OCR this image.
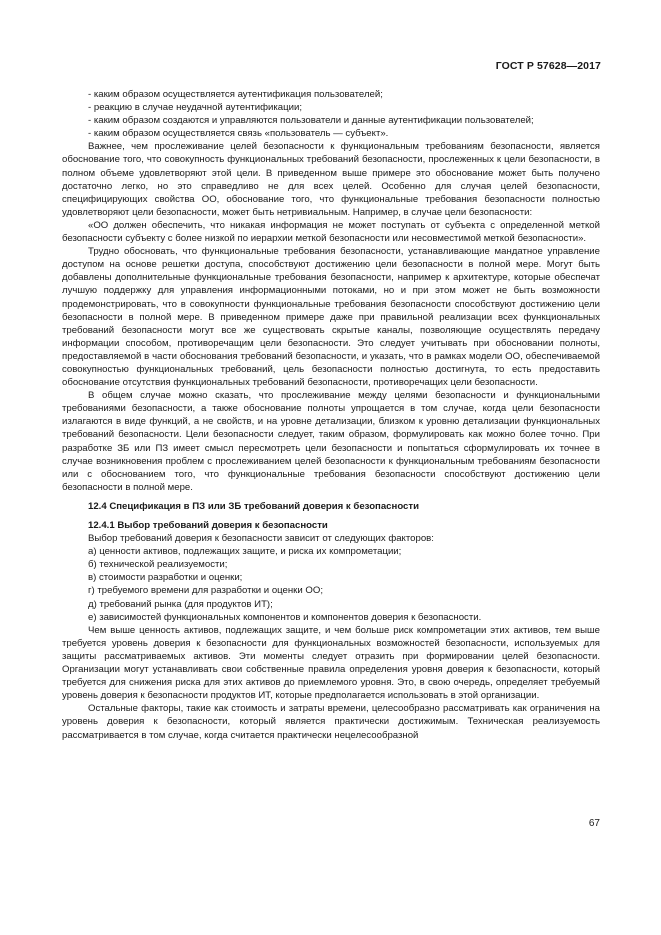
ГОСТ Р 57628—2017

- каким образом осуществляется аутентификация пользователей;

- реакцию в случае неудачной аутентификации;

- каким образом создаются и управляются пользователи и данные аутентификации пользователей;

- каким образом осуществляется связь «пользователь — субъект».

Важнее, чем прослеживание целей безопасности к функциональным требованиям безопасности, является обоснование того, что совокупность функциональных требований безопасности, прослеженных к цели безопасности, в полном объеме удовлетворяют этой цели. В приведенном выше примере это обоснование может быть получено достаточно легко, но это справедливо не для всех целей. Особенно для случая целей безопасности, специфицирующих свойства ОО, обоснование того, что функциональные требования безопасности полностью удовлетворяют цели безопасности, может быть нетривиальным. Например, в случае цели безопасности:

«ОО должен обеспечить, что никакая информация не может поступать от субъекта с определенной меткой безопасности субъекту с более низкой по иерархии меткой безопасности или несовместимой меткой безопасности».

Трудно обосновать, что функциональные требования безопасности, устанавливающие мандатное управление доступом на основе решетки доступа, способствуют достижению цели безопасности в полной мере. Могут быть добавлены дополнительные функциональные требования безопасности, например к архитектуре, которые обеспечат лучшую поддержку для управления информационными потоками, но и при этом может не быть возможности продемонстрировать, что в совокупности функциональные требования безопасности способствуют достижению цели безопасности в полной мере. В приведенном примере даже при правильной реализации всех функциональных требований безопасности могут все же существовать скрытые каналы, позволяющие осуществлять передачу информации способом, противоречащим цели безопасности. Это следует учитывать при обосновании полноты, предоставляемой в части обоснования требований безопасности, и указать, что в рамках модели ОО, обеспечиваемой совокупностью функциональных требований, цель безопасности полностью достигнута, то есть предоставить обоснование отсутствия функциональных требований безопасности, противоречащих цели безопасности.

В общем случае можно сказать, что прослеживание между целями безопасности и функциональными требованиями безопасности, а также обоснование полноты упрощается в том случае, когда цели безопасности излагаются в виде функций, а не свойств, и на уровне детализации, близком к уровню детализации функциональных требований безопасности. Цели безопасности следует, таким образом, формулировать как можно более точно. При разработке ЗБ или ПЗ имеет смысл пересмотреть цели безопасности и попытаться сформулировать их точнее в случае возникновения проблем с прослеживанием целей безопасности к функциональным требованиям безопасности или с обоснованием того, что функциональные требования безопасности способствуют достижению цели безопасности в полной мере.

12.4 Спецификация в ПЗ или ЗБ требований доверия к безопасности

12.4.1 Выбор требований доверия к безопасности

Выбор требований доверия к безопасности зависит от следующих факторов:

а) ценности активов, подлежащих защите, и риска их компрометации;

б) технической реализуемости;

в) стоимости разработки и оценки;

г) требуемого времени для разработки и оценки ОО;

д) требований рынка (для продуктов ИТ);

е) зависимостей функциональных компонентов и компонентов доверия к безопасности.

Чем выше ценность активов, подлежащих защите, и чем больше риск компрометации этих активов, тем выше требуется уровень доверия к безопасности для функциональных возможностей безопасности, используемых для защиты рассматриваемых активов. Эти моменты следует отразить при формировании целей безопасности. Организации могут устанавливать свои собственные правила определения уровня доверия к безопасности, который требуется для снижения риска для этих активов до приемлемого уровня. Это, в свою очередь, определяет требуемый уровень доверия к безопасности продуктов ИТ, которые предполагается использовать в этой организации.

Остальные факторы, такие как стоимость и затраты времени, целесообразно рассматривать как ограничения на уровень доверия к безопасности, который является практически достижимым. Техническая реализуемость рассматривается в том случае, когда считается практически нецелесообразной

67
